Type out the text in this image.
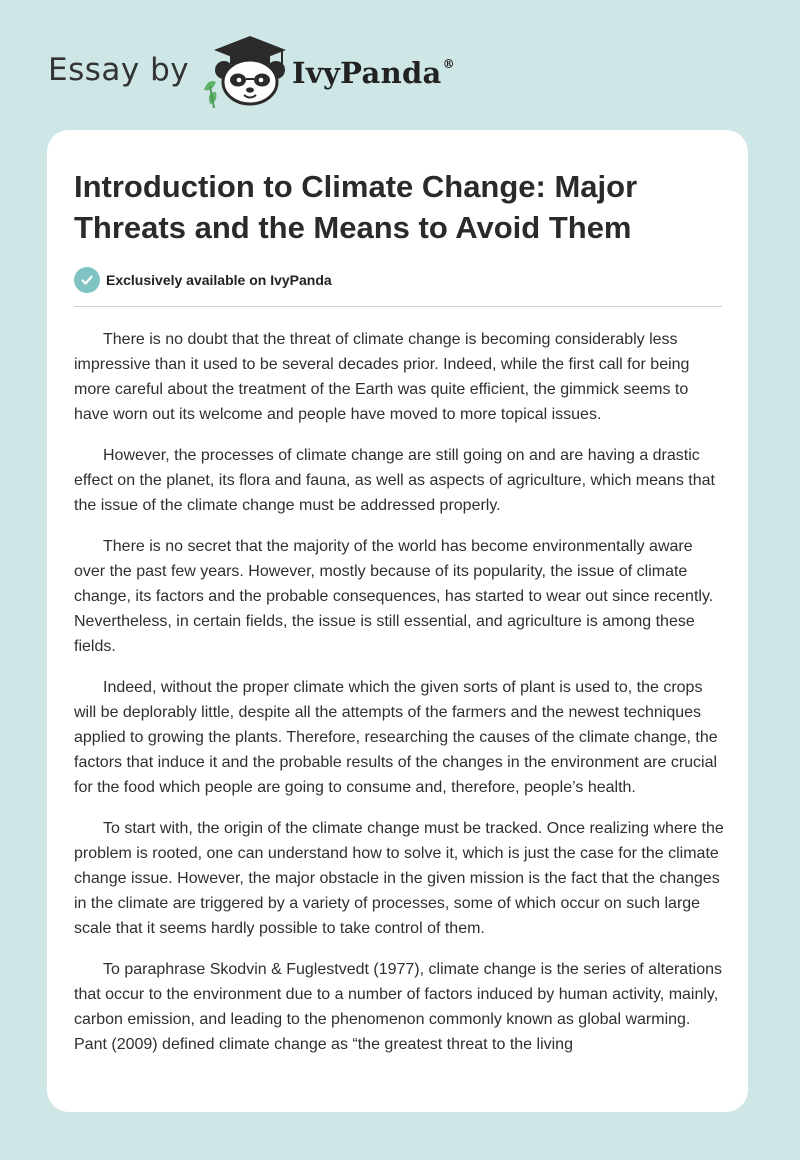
Essay by	IvyPanda®
Introduction to Climate Change: Major Threats and the Means to Avoid Them
Exclusively available on IvyPanda

There is no doubt that the threat of climate change is becoming considerably less impressive than it used to be several decades prior. Indeed, while the first call for being more careful about the treatment of the Earth was quite efficient, the gimmick seems to have worn out its welcome and people have moved to more topical issues.

However, the processes of climate change are still going on and are having a drastic effect on the planet, its flora and fauna, as well as aspects of agriculture, which means that the issue of the climate change must be addressed properly.

There is no secret that the majority of the world has become environmentally aware over the past few years. However, mostly because of its popularity, the issue of climate change, its factors and the probable consequences, has started to wear out since recently. Nevertheless, in certain fields, the issue is still essential, and agriculture is among these fields.

Indeed, without the proper climate which the given sorts of plant is used to, the crops will be deplorably little, despite all the attempts of the farmers and the newest techniques applied to growing the plants. Therefore, researching the causes of the climate change, the factors that induce it and the probable results of the changes in the environment are crucial for the food which people are going to consume and, therefore, people’s health.

To start with, the origin of the climate change must be tracked. Once realizing where the problem is rooted, one can understand how to solve it, which is just the case for the climate change issue. However, the major obstacle in the given mission is the fact that the changes in the climate are triggered by a variety of processes, some of which occur on such large scale that it seems hardly possible to take control of them.

To paraphrase Skodvin & Fuglestvedt (1977), climate change is the series of alterations that occur to the environment due to a number of factors induced by human activity, mainly, carbon emission, and leading to the phenomenon commonly known as global warming. Pant (2009) defined climate change as “the greatest threat to the living
